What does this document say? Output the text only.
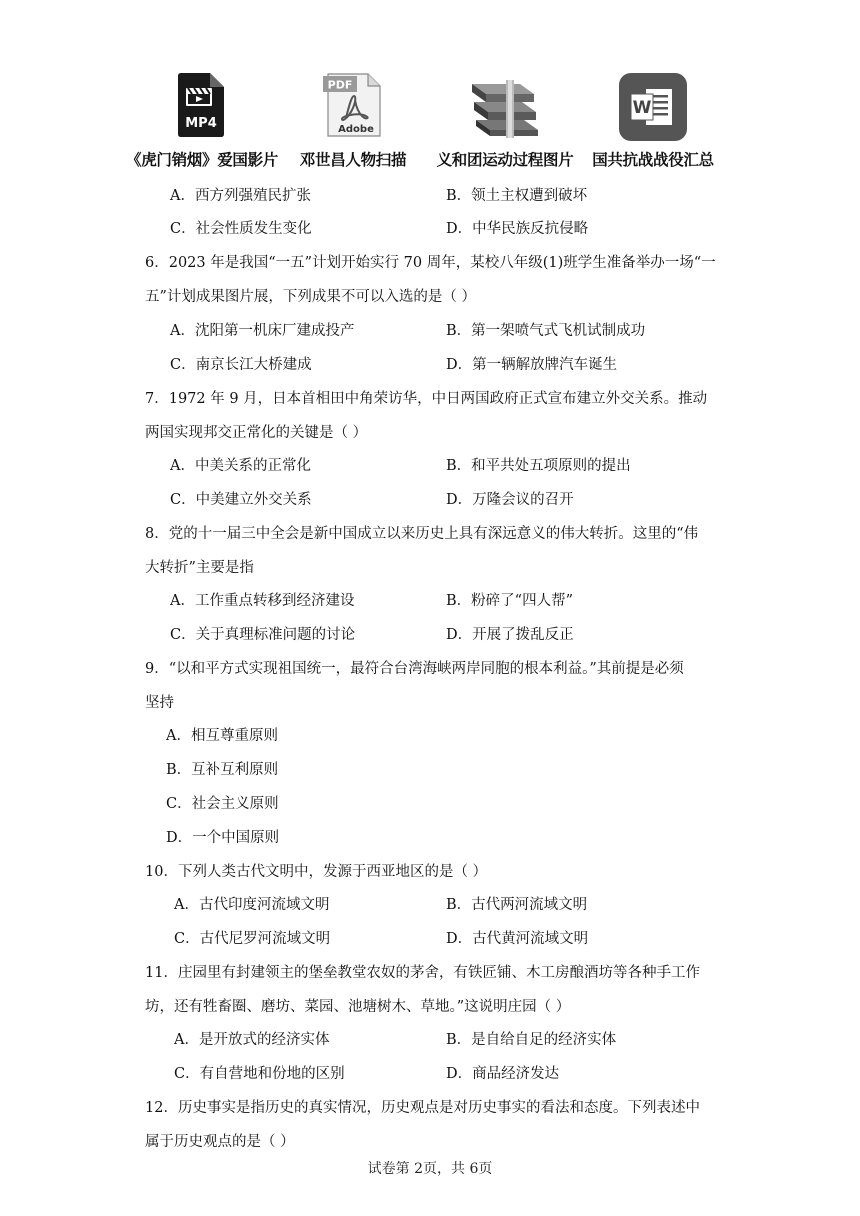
MP4
《虎门销烟》爱国影片
PDF
Adobe
邓世昌人物扫描	义和团运动过程图片
W
国共抗战战役汇总
A．西方列强殖民扩张	B．领土主权遭到破坏
C．社会性质发生变化	D．中华民族反抗侵略
6．2023 年是我国“一五”计划开始实行 70 周年，某校八年级(1)班学生准备举办一场“一
五”计划成果图片展，下列成果不可以入选的是（ ）
A．沈阳第一机床厂建成投产	B．第一架喷气式飞机试制成功
C．南京长江大桥建成	D．第一辆解放牌汽车诞生
7．1972 年 9 月，日本首相田中角荣访华，中日两国政府正式宣布建立外交关系。推动
两国实现邦交正常化的关键是（ ）
A．中美关系的正常化	B．和平共处五项原则的提出
C．中美建立外交关系	D．万隆会议的召开
8．党的十一届三中全会是新中国成立以来历史上具有深远意义的伟大转折。这里的“伟
大转折”主要是指
A．工作重点转移到经济建设	B．粉碎了“四人帮”
C．关于真理标准问题的讨论	D．开展了拨乱反正
9．“以和平方式实现祖国统一，最符合台湾海峡两岸同胞的根本利益。”其前提是必须
坚持
A．相互尊重原则
B．互补互利原则
C．社会主义原则
D．一个中国原则
10．下列人类古代文明中，发源于西亚地区的是（ ）
A．古代印度河流域文明	B．古代两河流域文明
C．古代尼罗河流域文明	D．古代黄河流域文明
11．庄园里有封建领主的堡垒教堂农奴的茅舍，有铁匠铺、木工房酿酒坊等各种手工作
坊，还有牲畜圈、磨坊、菜园、池塘树木、草地。”这说明庄园（ ）
A．是开放式的经济实体	B．是自给自足的经济实体
C．有自营地和份地的区别	D．商品经济发达
12．历史事实是指历史的真实情况，历史观点是对历史事实的看法和态度。下列表述中
属于历史观点的是（ ）
试卷第 2页，共 6页
